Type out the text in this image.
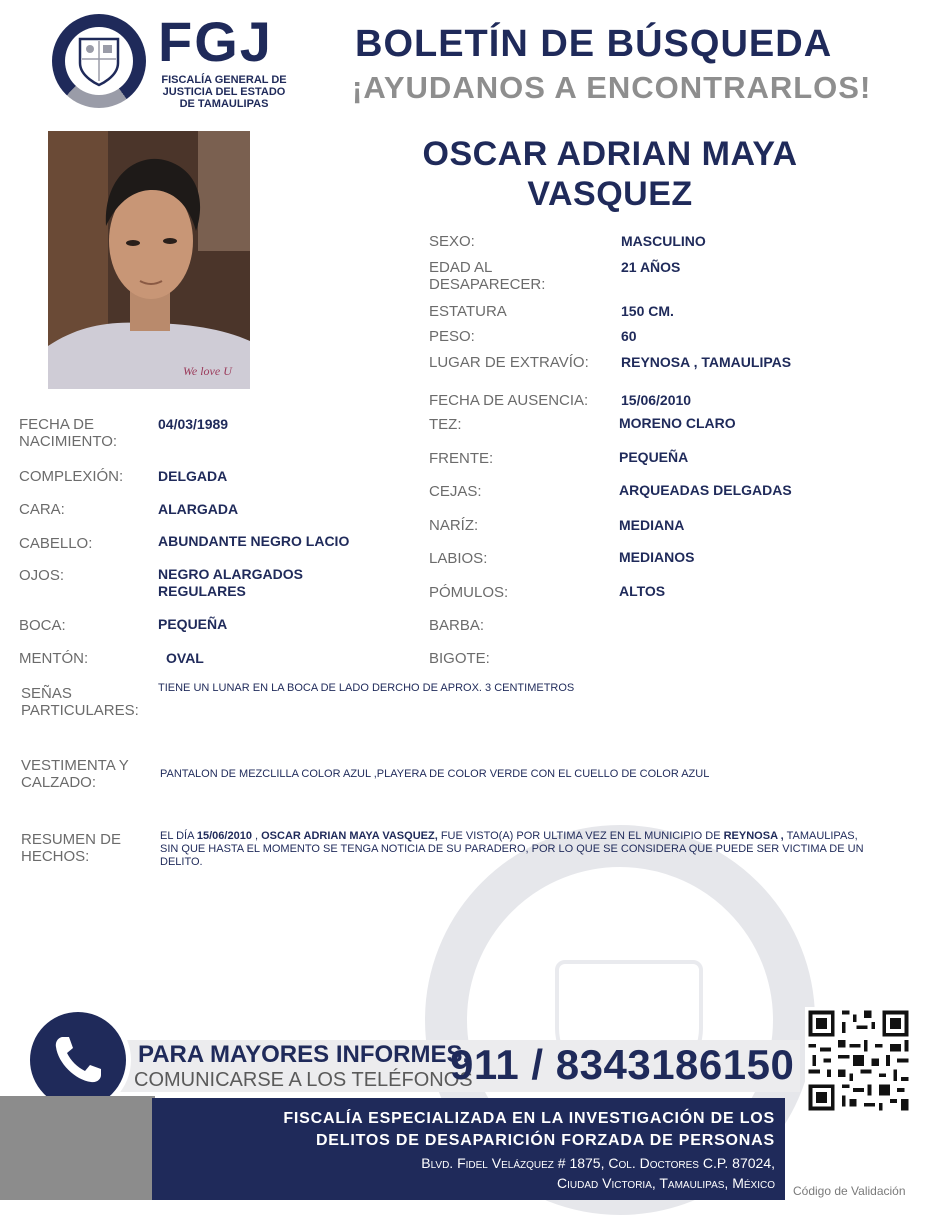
FGJ
FISCALÍA GENERAL DE
JUSTICIA DEL ESTADO
DE TAMAULIPAS
BOLETÍN DE BÚSQUEDA
¡AYUDANOS A ENCONTRARLOS!
We love U
OSCAR ADRIAN MAYA
VASQUEZ
SEXO:	MASCULINO
EDAD AL DESAPARECER:
21 AÑOS
ESTATURA	150 CM.
PESO:	60
LUGAR DE EXTRAVÍO: REYNOSA , TAMAULIPAS
FECHA DE AUSENCIA: 15/06/2010
TEZ:	MORENO CLARO
FRENTE:	PEQUEÑA
CEJAS:	ARQUEADAS DELGADAS
NARÍZ:	MEDIANA
LABIOS:	MEDIANOS
PÓMULOS:	ALTOS
BARBA:
BIGOTE:
FECHA DE NACIMIENTO:
04/03/1989
COMPLEXIÓN: DELGADA
CARA:	ALARGADA
CABELLO:	ABUNDANTE NEGRO LACIO
OJOS:	NEGRO ALARGADOS REGULARES
BOCA:	PEQUEÑA
MENTÓN:	OVAL
SEÑAS PARTICULARES:
TIENE UN LUNAR EN LA BOCA DE LADO DERCHO DE APROX. 3 CENTIMETROS
VESTIMENTA Y CALZADO:	PANTALON DE MEZCLILLA COLOR AZUL ,PLAYERA DE COLOR VERDE CON EL CUELLO DE COLOR AZUL
RESUMEN DE HECHOS:
EL DÍA 15/06/2010 , OSCAR ADRIAN MAYA VASQUEZ, FUE VISTO(A) POR ULTIMA VEZ EN EL MUNICIPIO DE REYNOSA , TAMAULIPAS, SIN QUE HASTA EL MOMENTO SE TENGA NOTICIA DE SU PARADERO, POR LO QUE SE CONSIDERA QUE PUEDE SER VICTIMA DE UN DELITO.
PARA MAYORES INFORMES,
COMUNICARSE A LOS TELÉFONOS
911 / 8343186150
FISCALÍA ESPECIALIZADA EN LA INVESTIGACIÓN DE LOS
DELITOS DE DESAPARICIÓN FORZADA DE PERSONAS
Blvd. Fidel Velázquez # 1875, Col. Doctores C.P. 87024,
Ciudad Victoria, Tamaulipas, México Código de Validación
